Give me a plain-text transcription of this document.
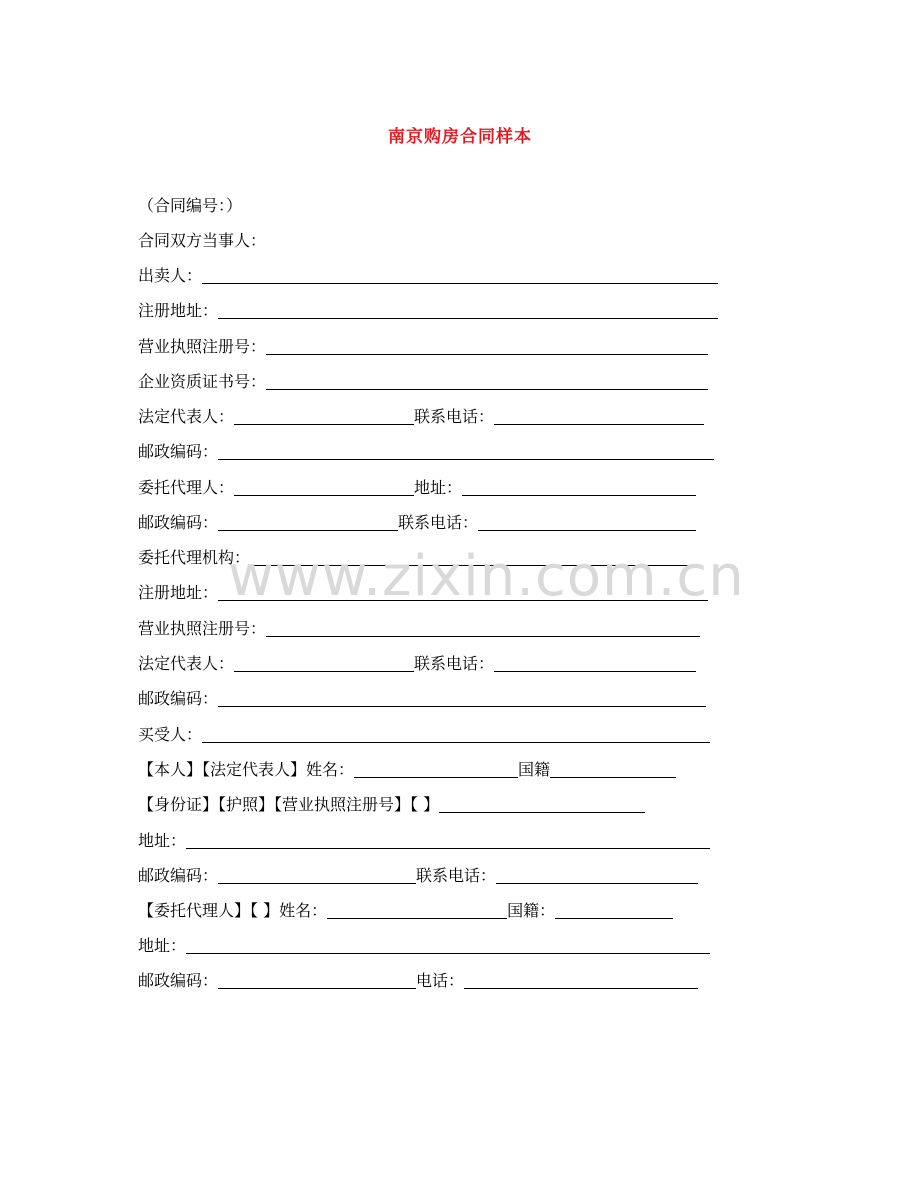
南京购房合同样本
（合同编号：）
合同双方当事人：
出卖人：
注册地址：
营业执照注册号：
企业资质证书号：
法定代表人：	联系电话：
邮政编码：
委托代理人：	地址：
邮政编码：	联系电话：
委托代理机构：
注册地址：
营业执照注册号：
法定代表人：	联系电话：
邮政编码：
买受人：
【本人】【法定代表人】姓名：	国籍
【身份证】【护照】【营业执照注册号】【 】
地址：
邮政编码：	联系电话：
【委托代理人】【 】姓名：	国籍：
地址：
邮政编码：	电话：
www.zixin.com.cn
